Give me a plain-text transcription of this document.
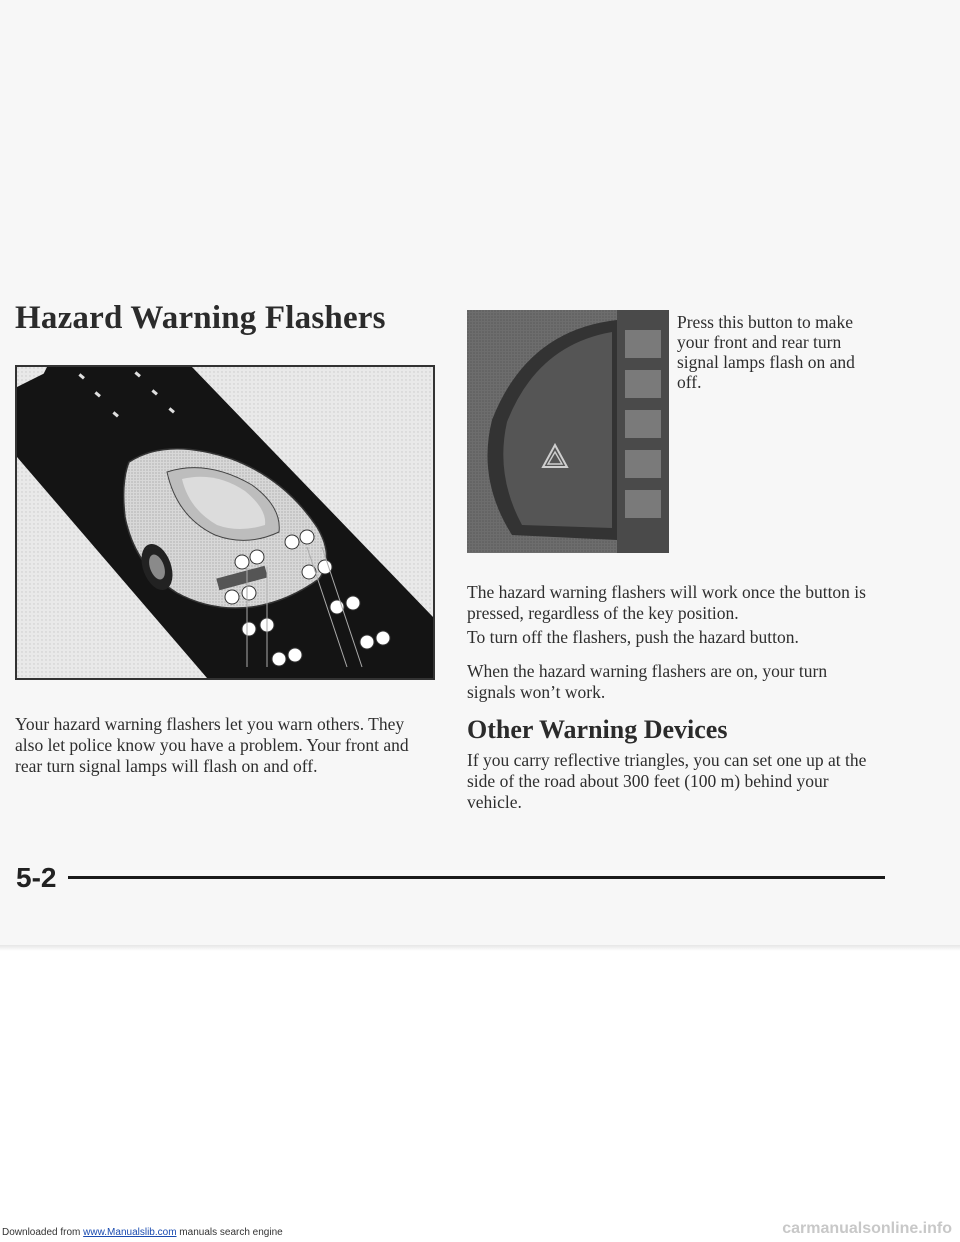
Hazard Warning Flashers

Your hazard warning flashers let you warn others. They also let police know you have a problem. Your front and rear turn signal lamps will flash on and off.

Press this button to make your front and rear turn signal lamps flash on and off.

The hazard warning flashers will work once the button is pressed, regardless of the key position.

To turn off the flashers, push the hazard button.

When the hazard warning flashers are on, your turn signals won’t work.

Other Warning Devices

If you carry reflective triangles, you can set one up at the side of the road about 300 feet (100 m) behind your vehicle.

5-2

Downloaded from www.Manualslib.com manuals search engine	carmanualsonline.info
